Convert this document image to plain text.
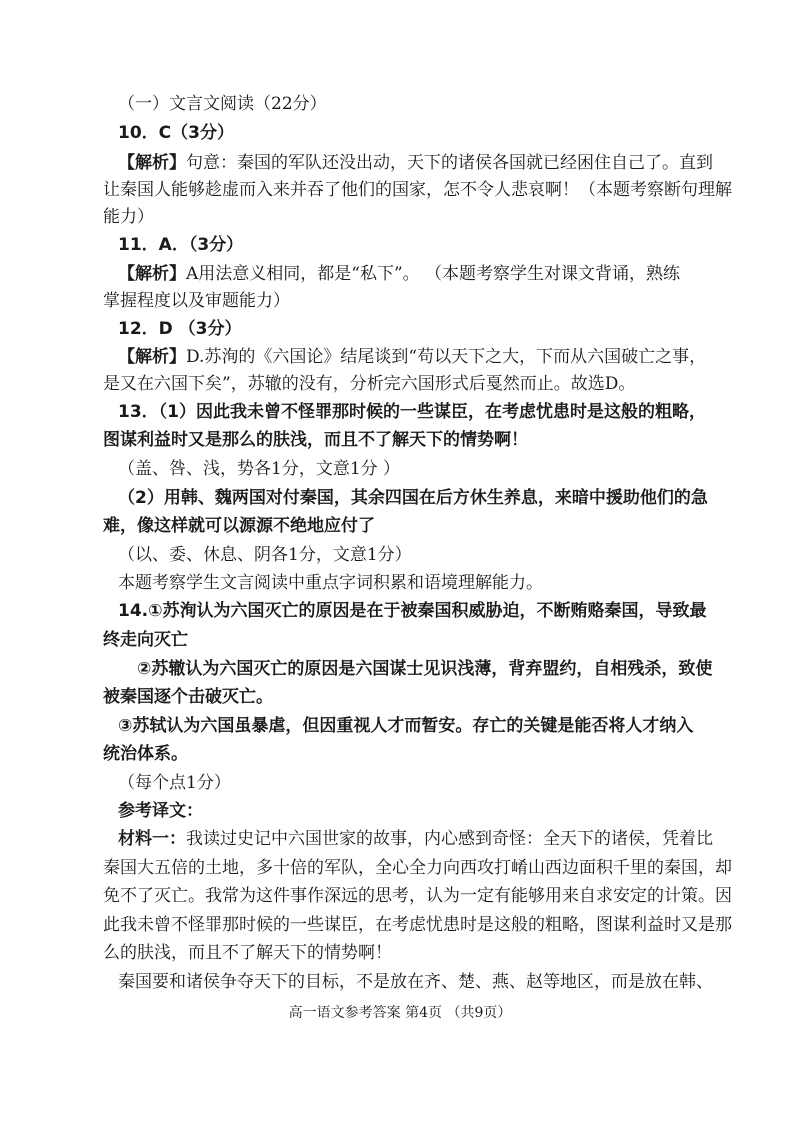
（一）文言文阅读（22分）
10．C（3分）
【解析】句意：秦国的军队还没出动，天下的诸侯各国就已经困住自己了。直到
让秦国人能够趁虚而入来并吞了他们的国家，怎不令人悲哀啊！（本题考察断句理解
能力）
11．A．（3分）
【解析】A用法意义相同，都是“私下”。 （本题考察学生对课文背诵，熟练
掌握程度以及审题能力）
12．D （3分）
【解析】D.苏洵的《六国论》结尾谈到“苟以天下之大，下而从六国破亡之事，
是又在六国下矣”，苏辙的没有，分析完六国形式后戛然而止。故选D。
13．（1）因此我未曾不怪罪那时候的一些谋臣，在考虑忧患时是这般的粗略，
图谋利益时又是那么的肤浅，而且不了解天下的情势啊！
（盖、咎、浅，势各1分，文意1分 ）
（2）用韩、魏两国对付秦国，其余四国在后方休生养息，来暗中援助他们的急
难，像这样就可以源源不绝地应付了
（以、委、休息、阴各1分，文意1分）
本题考察学生文言阅读中重点字词积累和语境理解能力。
14.①苏洵认为六国灭亡的原因是在于被秦国积威胁迫，不断贿赂秦国，导致最
终走向灭亡
②苏辙认为六国灭亡的原因是六国谋士见识浅薄，背弃盟约，自相残杀，致使
被秦国逐个击破灭亡。
③苏轼认为六国虽暴虐，但因重视人才而暂安。存亡的关键是能否将人才纳入
统治体系。
（每个点1分）
参考译文：
材料一：我读过史记中六国世家的故事，内心感到奇怪：全天下的诸侯，凭着比
秦国大五倍的土地，多十倍的军队，全心全力向西攻打崤山西边面积千里的秦国，却
免不了灭亡。我常为这件事作深远的思考，认为一定有能够用来自求安定的计策。因
此我未曾不怪罪那时候的一些谋臣，在考虑忧患时是这般的粗略，图谋利益时又是那
么的肤浅，而且不了解天下的情势啊！
秦国要和诸侯争夺天下的目标，不是放在齐、楚、燕、赵等地区，而是放在韩、
高一语文参考答案 第4页 （共9页）
